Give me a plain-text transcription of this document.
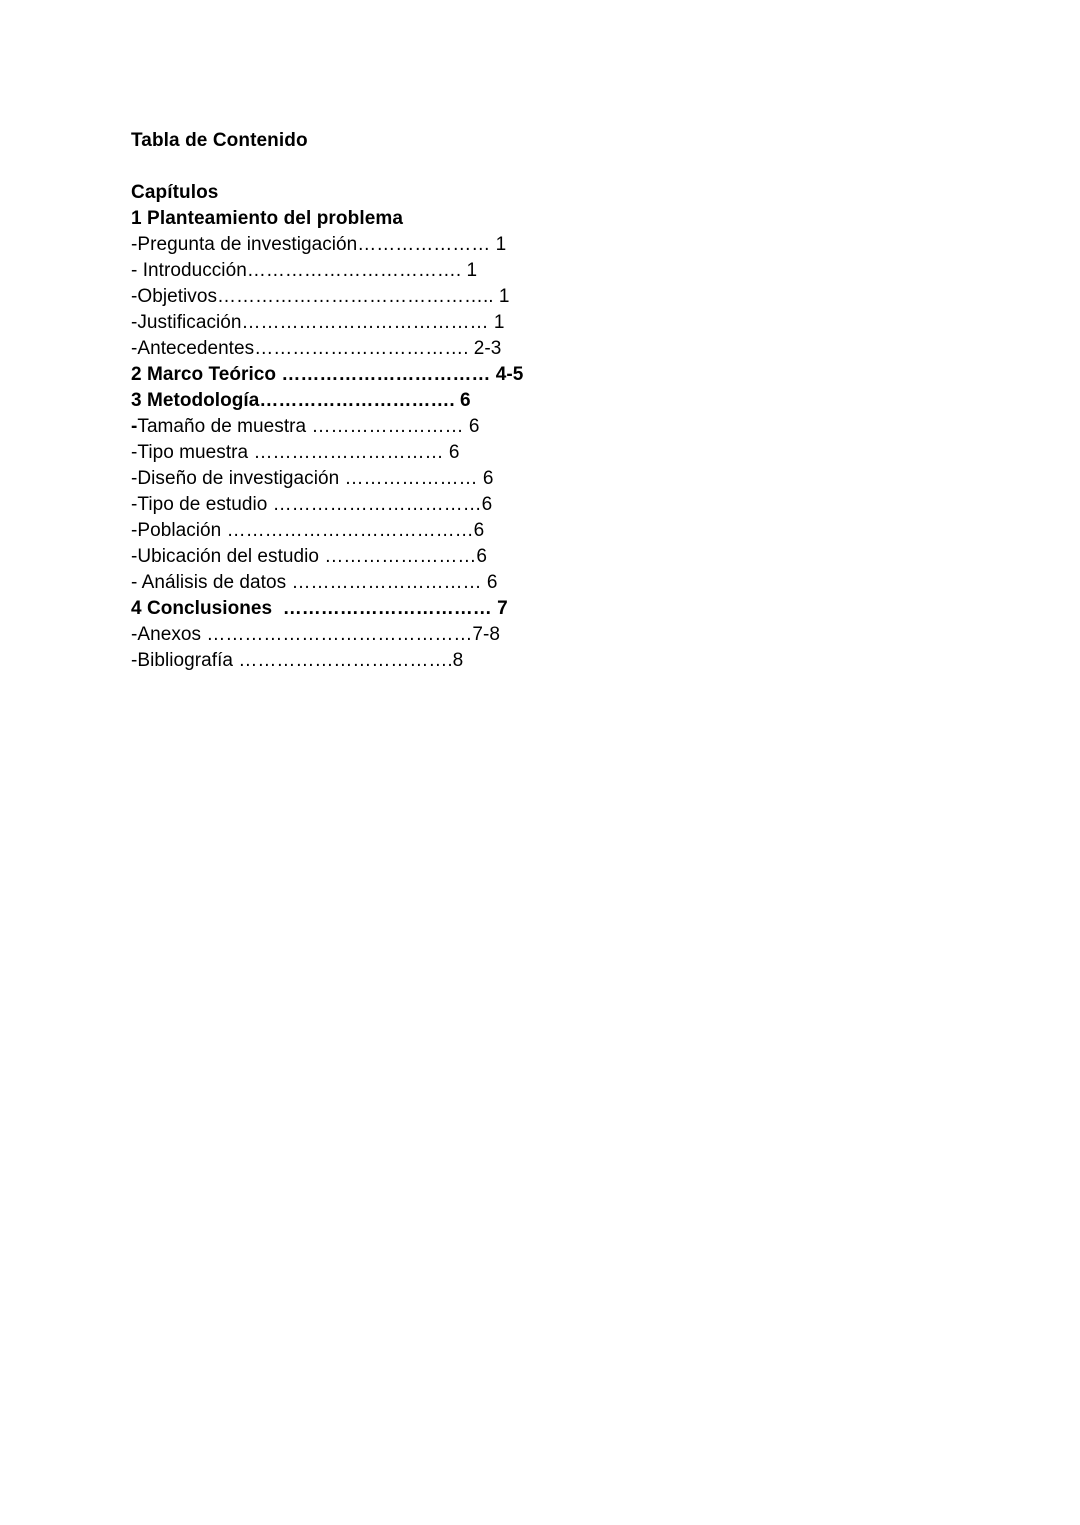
Tabla de Contenido
Capítulos
1 Planteamiento del problema
-Pregunta de investigación………………… 1
- Introducción……………………………. 1
-Objetivos…………………………………….. 1
-Justificación………………………………… 1
-Antecedentes……………………………. 2-3
2 Marco Teórico …………………………… 4-5
3 Metodología…………………………. 6
-Tamaño de muestra …………………… 6
-Tipo muestra ………………………… 6
-Diseño de investigación ………………… 6
-Tipo de estudio ……………………………6
-Población …………………………………6
-Ubicación del estudio ……………………6
- Análisis de datos ………………………… 6
4 Conclusiones  …………………………… 7
-Anexos ……………………………………7-8
-Bibliografía …………………………….8
